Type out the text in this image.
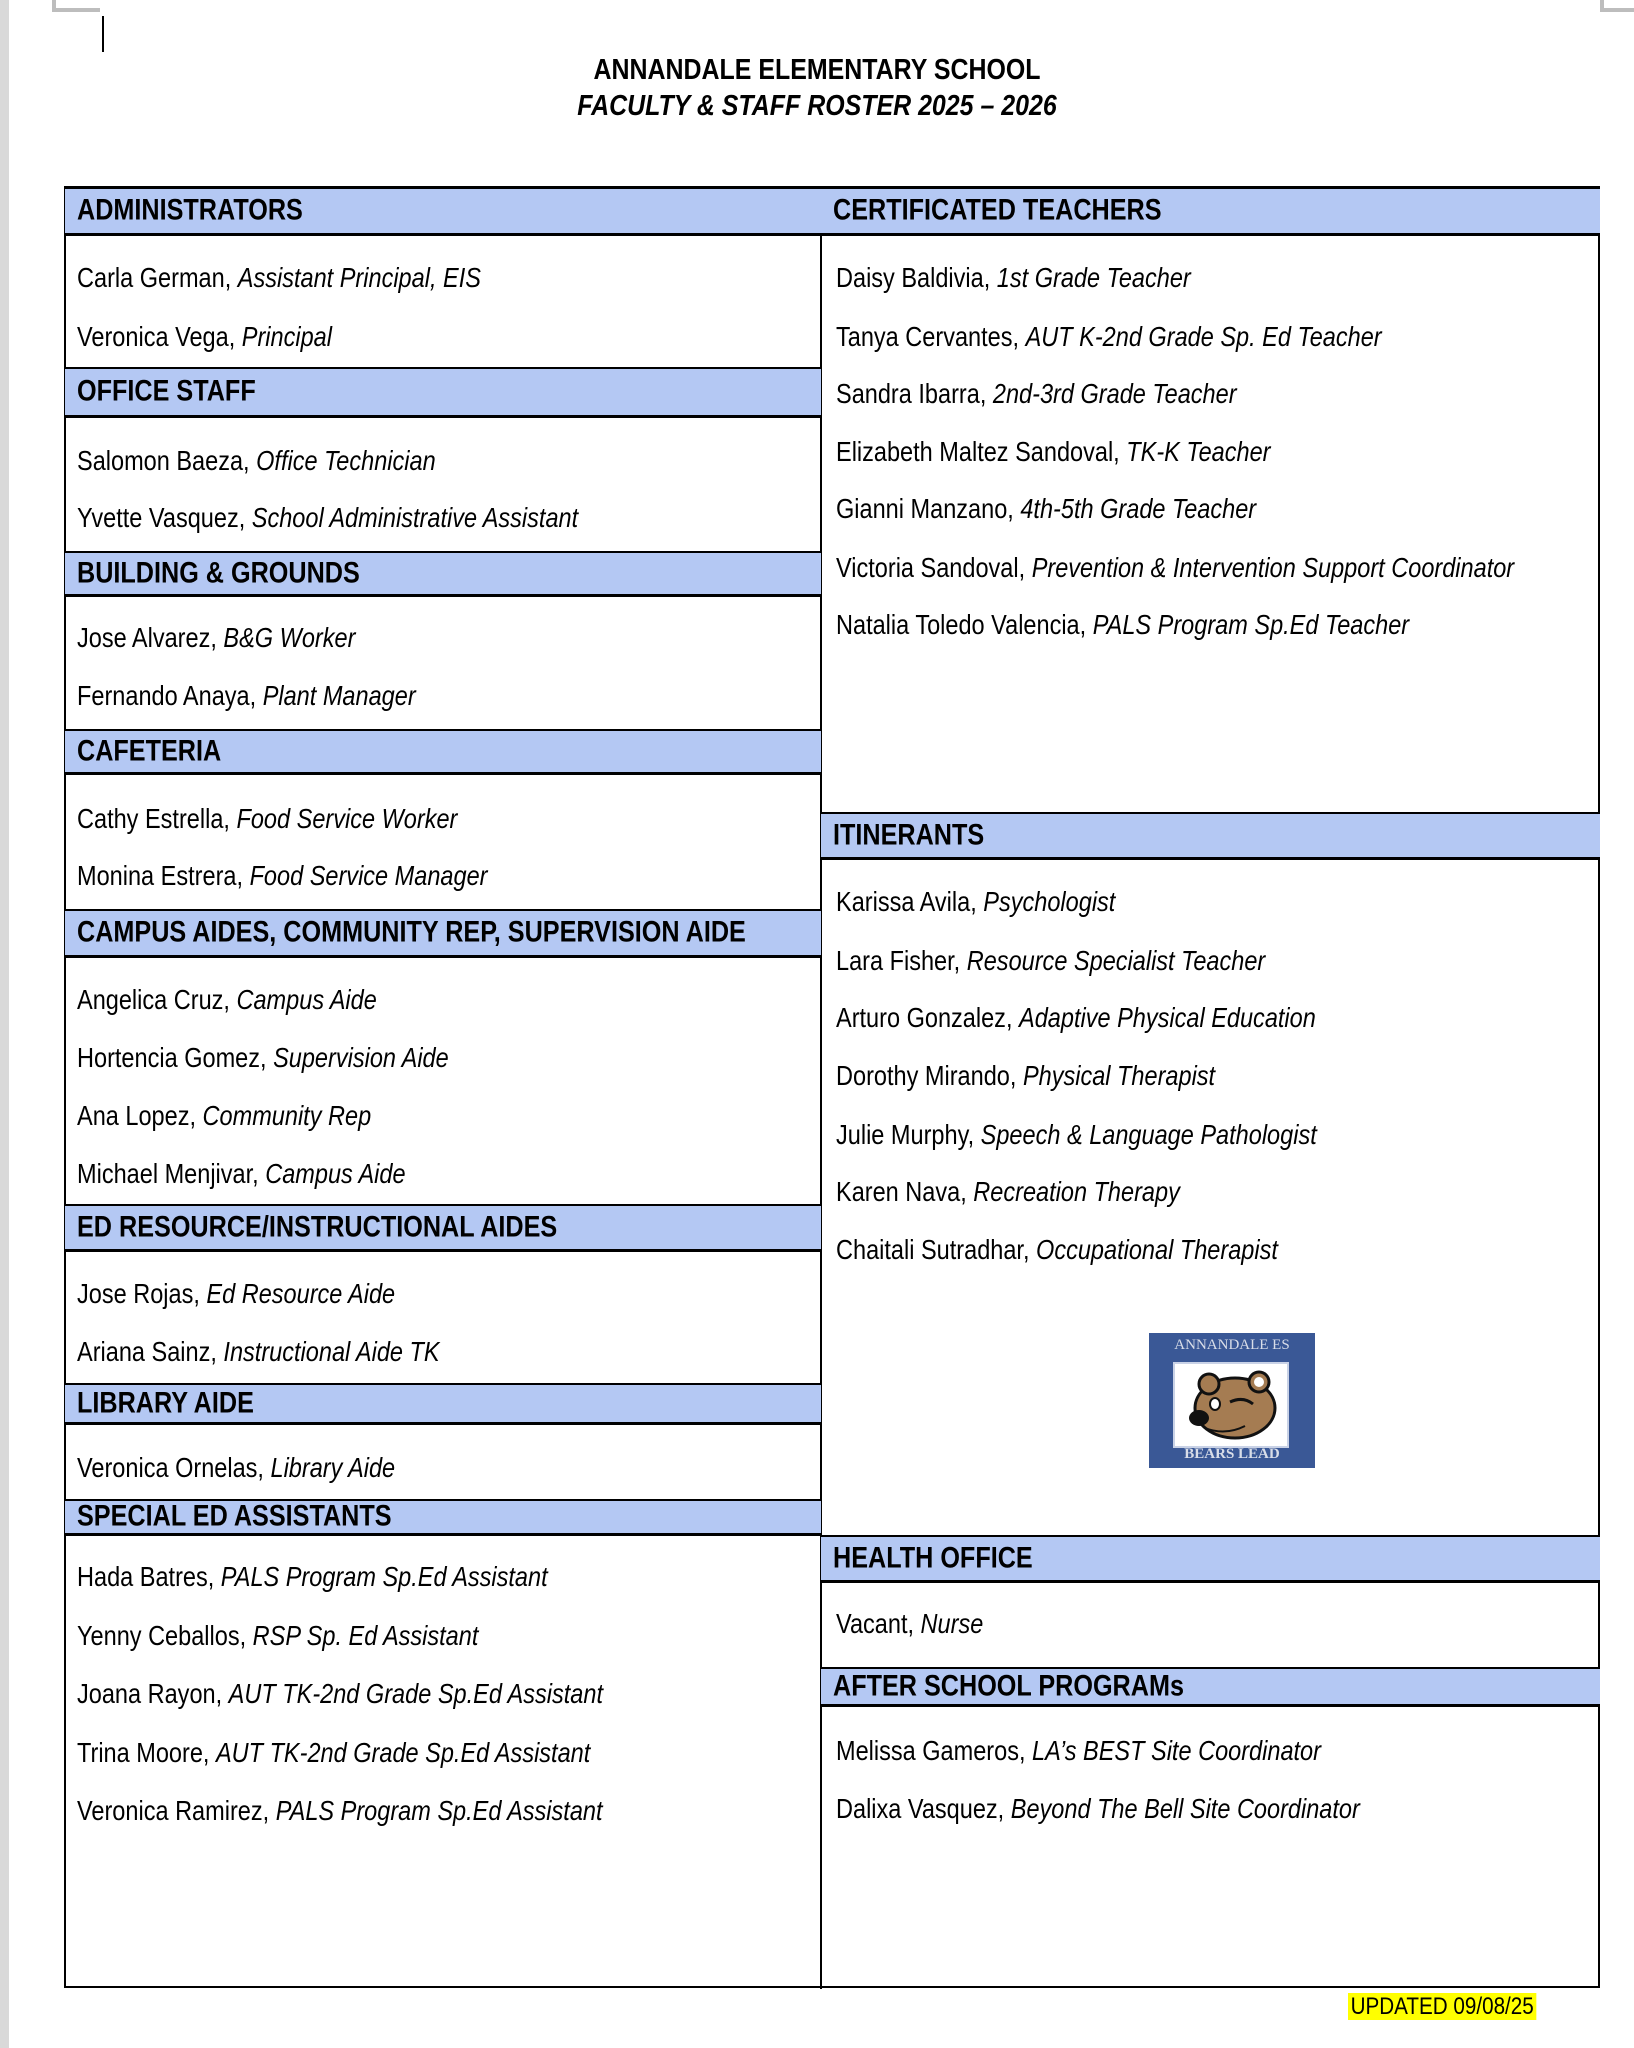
ANNANDALE ELEMENTARY SCHOOL
FACULTY & STAFF ROSTER 2025 – 2026
ADMINISTRATORS
Carla German, Assistant Principal, EIS
Veronica Vega, Principal
OFFICE STAFF
Salomon Baeza, Office Technician
Yvette Vasquez, School Administrative Assistant
BUILDING & GROUNDS
Jose Alvarez, B&G Worker
Fernando Anaya, Plant Manager
CAFETERIA
Cathy Estrella, Food Service Worker
Monina Estrera, Food Service Manager
CAMPUS AIDES, COMMUNITY REP, SUPERVISION AIDE
Angelica Cruz, Campus Aide
Hortencia Gomez, Supervision Aide
Ana Lopez, Community Rep
Michael Menjivar, Campus Aide
ED RESOURCE/INSTRUCTIONAL AIDES
Jose Rojas, Ed Resource Aide
Ariana Sainz, Instructional Aide TK
LIBRARY AIDE
Veronica Ornelas, Library Aide
SPECIAL ED ASSISTANTS
Hada Batres, PALS Program Sp.Ed Assistant
Yenny Ceballos, RSP Sp. Ed Assistant
Joana Rayon, AUT TK-2nd Grade Sp.Ed Assistant
Trina Moore, AUT TK-2nd Grade Sp.Ed Assistant
Veronica Ramirez, PALS Program Sp.Ed Assistant
CERTIFICATED TEACHERS
Daisy Baldivia, 1st Grade Teacher
Tanya Cervantes, AUT K-2nd Grade Sp. Ed Teacher
Sandra Ibarra, 2nd-3rd Grade Teacher
Elizabeth Maltez Sandoval, TK-K Teacher
Gianni Manzano, 4th-5th Grade Teacher
Victoria Sandoval, Prevention & Intervention Support Coordinator
Natalia Toledo Valencia, PALS Program Sp.Ed Teacher
ITINERANTS
Karissa Avila, Psychologist
Lara Fisher, Resource Specialist Teacher
Arturo Gonzalez, Adaptive Physical Education
Dorothy Mirando, Physical Therapist
Julie Murphy, Speech & Language Pathologist
Karen Nava, Recreation Therapy
Chaitali Sutradhar, Occupational Therapist
HEALTH OFFICE
Vacant, Nurse
AFTER SCHOOL PROGRAMs
Melissa Gameros, LA’s BEST Site Coordinator
Dalixa Vasquez, Beyond The Bell Site Coordinator
ANNANDALE ES
BEARS LEAD
UPDATED 09/08/25
